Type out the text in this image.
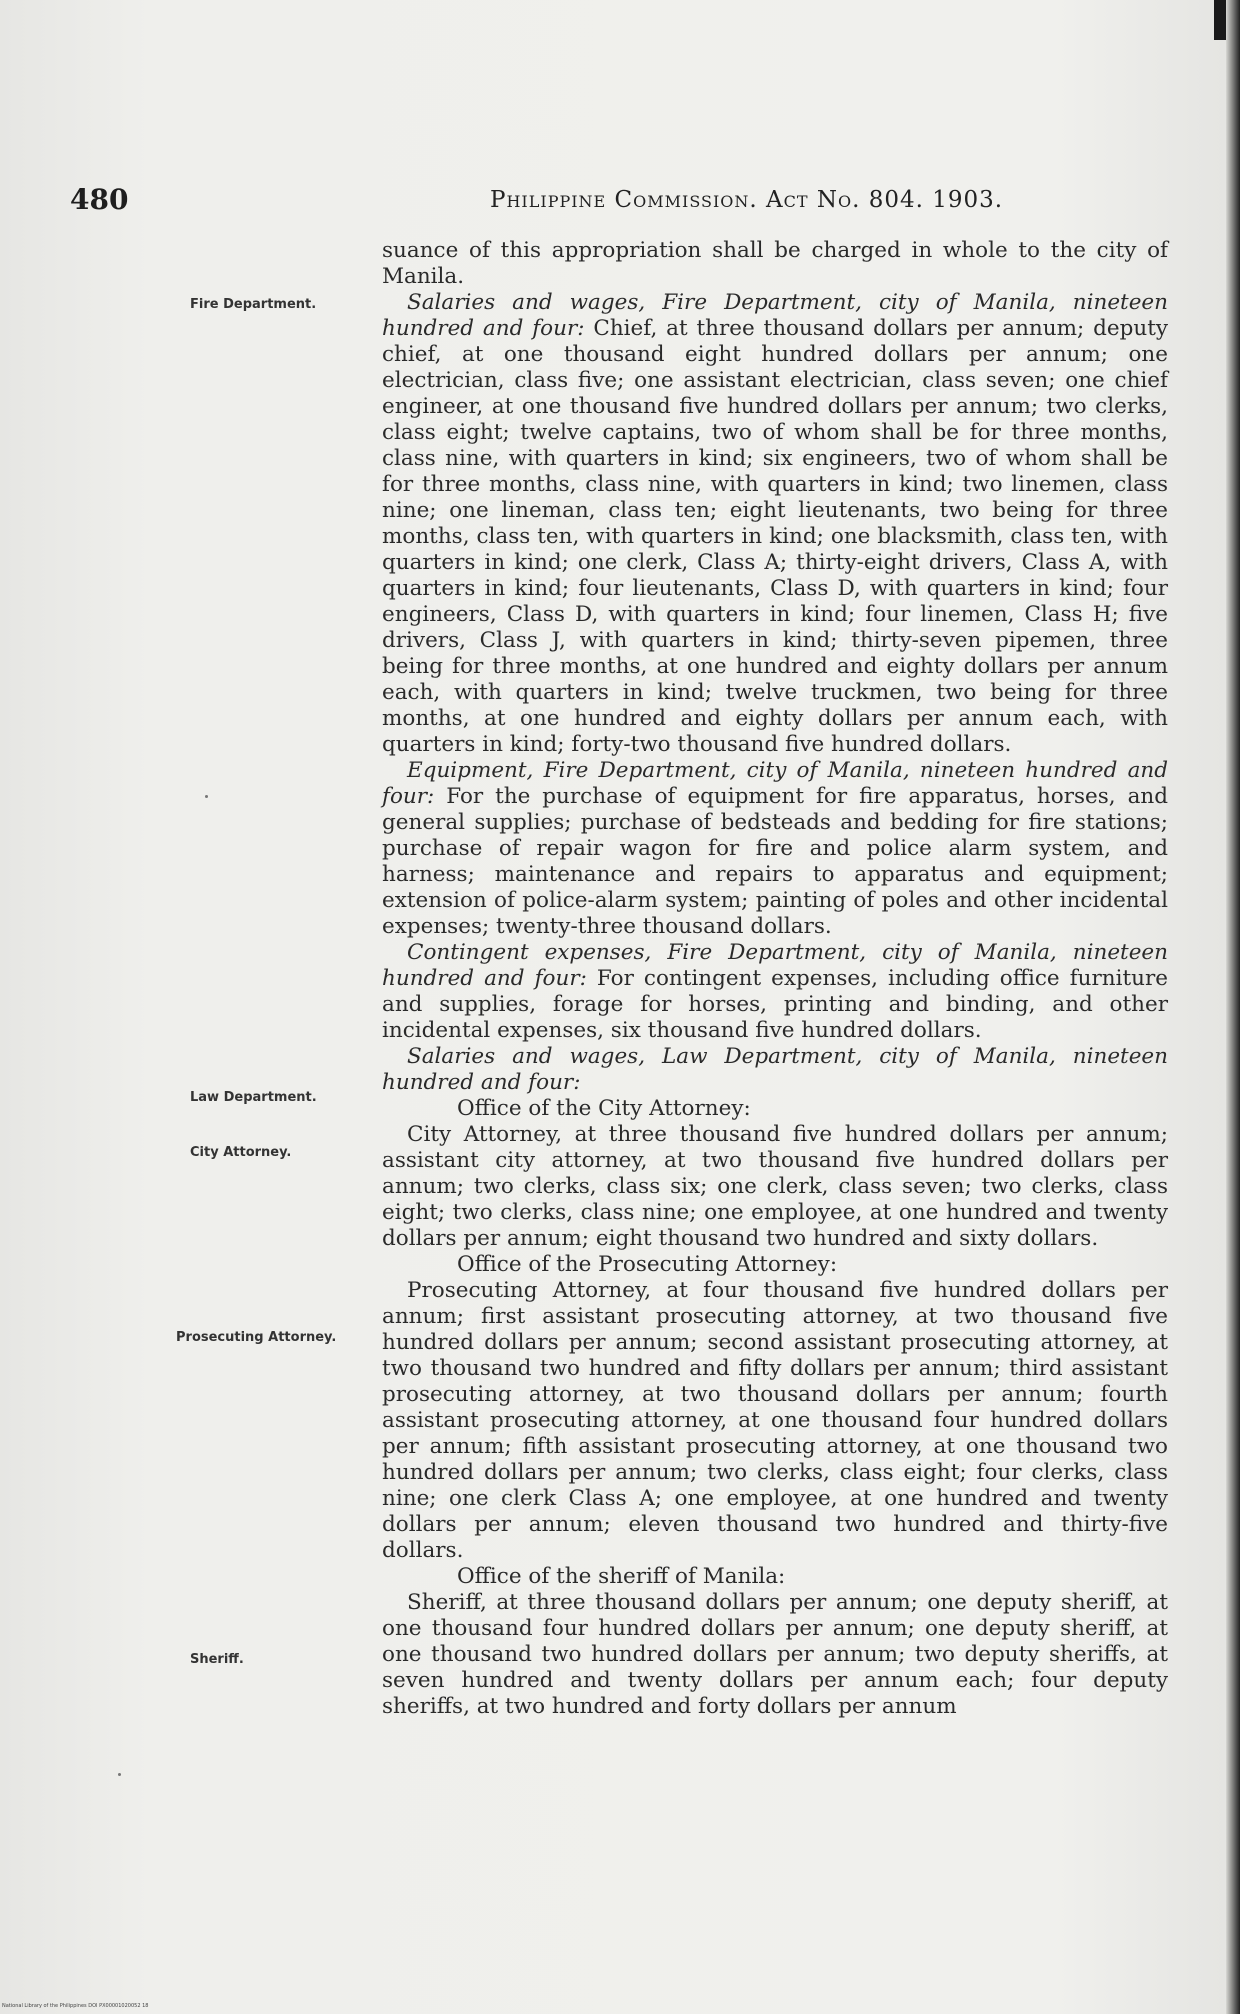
480	Philippine Commission. Act No. 804. 1903.
Fire Department.
Law Department.
City Attorney.
Prosecuting Attorney.
Sheriff.

suance of this appropriation shall be charged in whole to the city of Manila.

Salaries and wages, Fire Department, city of Manila, nineteen hundred and four: Chief, at three thousand dollars per annum; deputy chief, at one thousand eight hundred dollars per annum; one electrician, class five; one assistant electrician, class seven; one chief engineer, at one thousand five hundred dollars per annum; two clerks, class eight; twelve captains, two of whom shall be for three months, class nine, with quarters in kind; six engineers, two of whom shall be for three months, class nine, with quarters in kind; two linemen, class nine; one lineman, class ten; eight lieutenants, two being for three months, class ten, with quarters in kind; one blacksmith, class ten, with quarters in kind; one clerk, Class A; thirty-eight drivers, Class A, with quarters in kind; four lieutenants, Class D, with quarters in kind; four engineers, Class D, with quarters in kind; four linemen, Class H; five drivers, Class J, with quarters in kind; thirty-seven pipemen, three being for three months, at one hundred and eighty dollars per annum each, with quarters in kind; twelve truckmen, two being for three months, at one hundred and eighty dollars per annum each, with quarters in kind; forty-two thousand five hundred dollars.

Equipment, Fire Department, city of Manila, nineteen hundred and four: For the purchase of equipment for fire apparatus, horses, and general supplies; purchase of bedsteads and bedding for fire stations; purchase of repair wagon for fire and police alarm system, and harness; maintenance and repairs to apparatus and equipment; extension of police-alarm system; painting of poles and other incidental expenses; twenty-three thousand dollars.

Contingent expenses, Fire Department, city of Manila, nineteen hundred and four: For contingent expenses, including office furniture and supplies, forage for horses, printing and binding, and other incidental expenses, six thousand five hundred dollars.

Salaries and wages, Law Department, city of Manila, nineteen hundred and four:

Office of the City Attorney:

City Attorney, at three thousand five hundred dollars per annum; assistant city attorney, at two thousand five hundred dollars per annum; two clerks, class six; one clerk, class seven; two clerks, class eight; two clerks, class nine; one employee, at one hundred and twenty dollars per annum; eight thousand two hundred and sixty dollars.

Office of the Prosecuting Attorney:

Prosecuting Attorney, at four thousand five hundred dollars per annum; first assistant prosecuting attorney, at two thousand five hundred dollars per annum; second assistant prosecuting attorney, at two thousand two hundred and fifty dollars per annum; third assistant prosecuting attorney, at two thousand dollars per annum; fourth assistant prosecuting attorney, at one thousand four hundred dollars per annum; fifth assistant prosecuting attorney, at one thousand two hundred dollars per annum; two clerks, class eight; four clerks, class nine; one clerk Class A; one employee, at one hundred and twenty dollars per annum; eleven thousand two hundred and thirty-five dollars.

Office of the sheriff of Manila:

Sheriff, at three thousand dollars per annum; one deputy sheriff, at one thousand four hundred dollars per annum; one deputy sheriff, at one thousand two hundred dollars per annum; two deputy sheriffs, at seven hundred and twenty dollars per annum each; four deputy sheriffs, at two hundred and forty dollars per annum

National Library of the Philippines DOI PX00001020052 18
